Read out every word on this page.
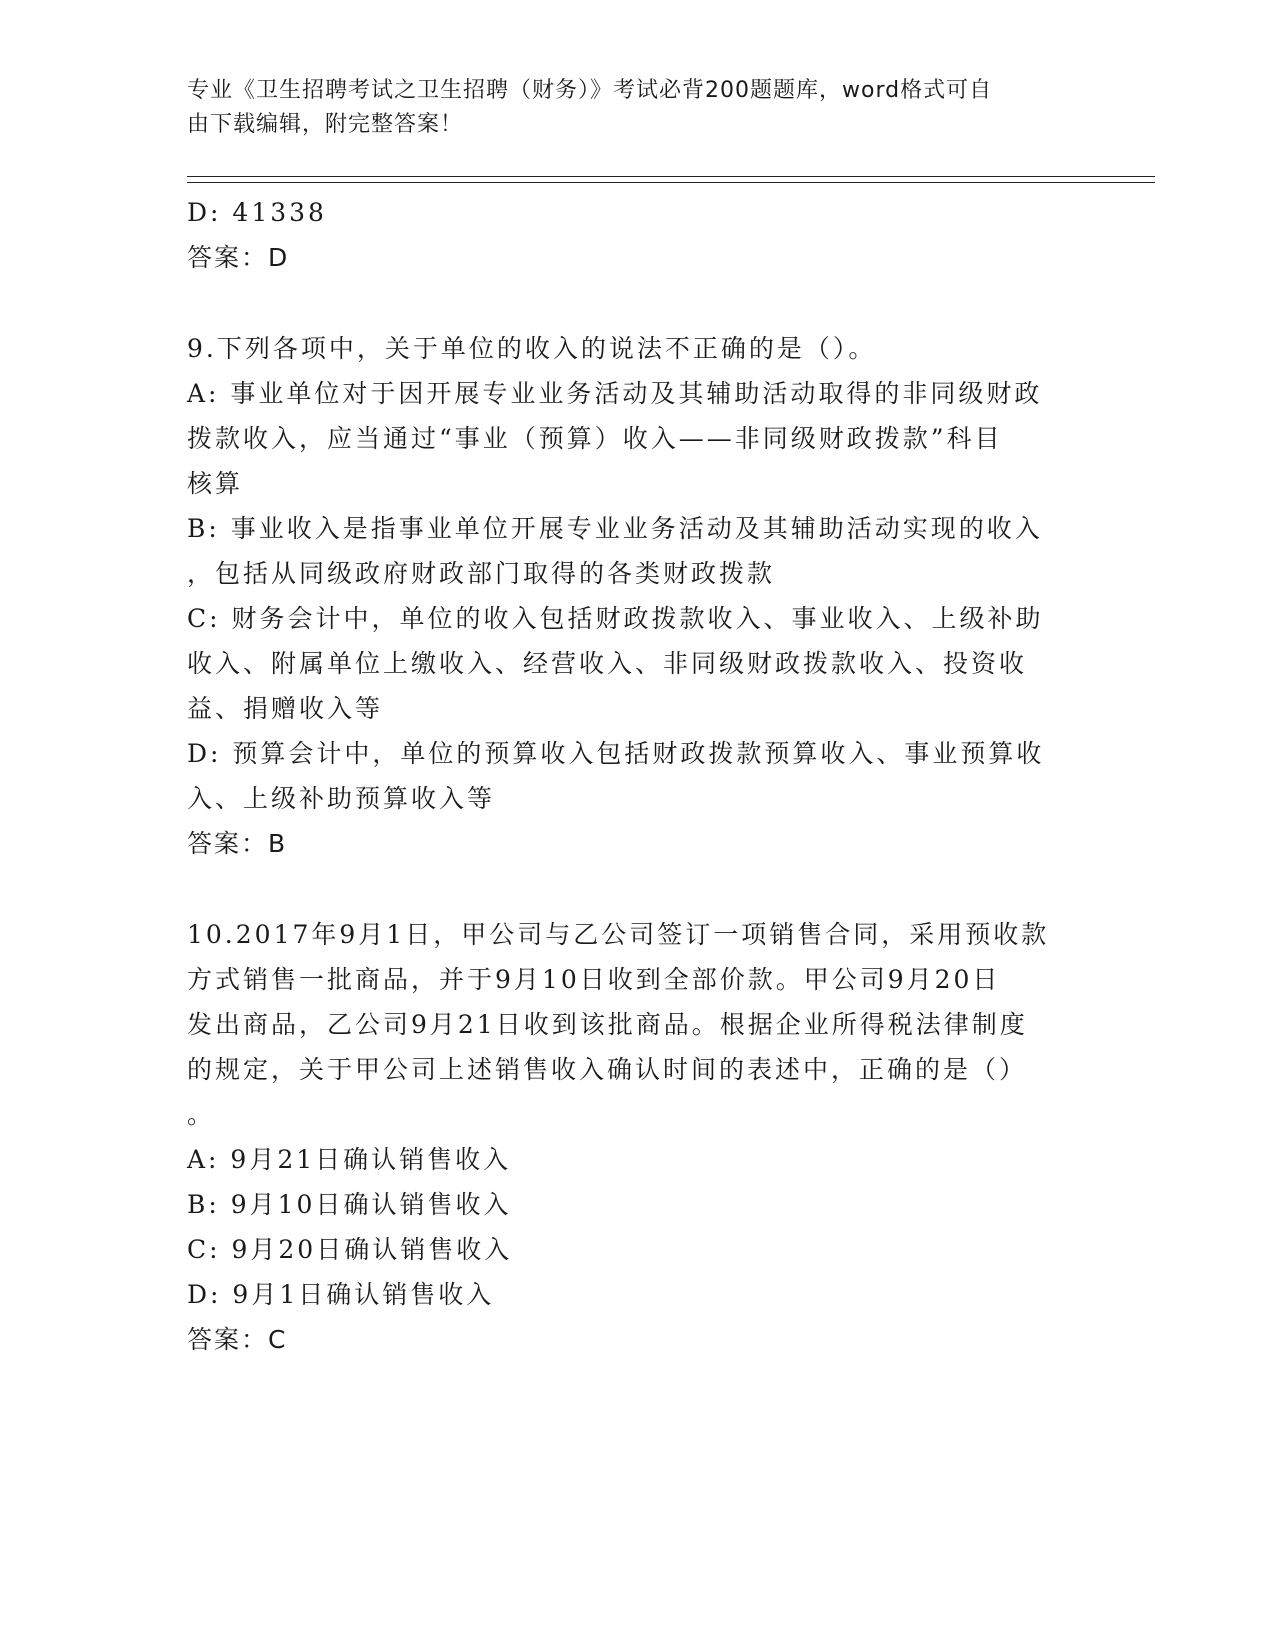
专业《卫生招聘考试之卫生招聘（财务）》考试必背200题题库，word格式可自
由下载编辑，附完整答案！
D: 41338
答案：D
9.下列各项中，关于单位的收入的说法不正确的是（）。
A: 事业单位对于因开展专业业务活动及其辅助活动取得的非同级财政
拨款收入，应当通过“事业（预算）收入——非同级财政拨款”科目
核算
B: 事业收入是指事业单位开展专业业务活动及其辅助活动实现的收入
，包括从同级政府财政部门取得的各类财政拨款
C: 财务会计中，单位的收入包括财政拨款收入、事业收入、上级补助
收入、附属单位上缴收入、经营收入、非同级财政拨款收入、投资收
益、捐赠收入等
D: 预算会计中，单位的预算收入包括财政拨款预算收入、事业预算收
入、上级补助预算收入等
答案：B
10.2017年9月1日，甲公司与乙公司签订一项销售合同，采用预收款
方式销售一批商品，并于9月10日收到全部价款。甲公司9月20日
发出商品，乙公司9月21日收到该批商品。根据企业所得税法律制度
的规定，关于甲公司上述销售收入确认时间的表述中，正确的是（）
。
A: 9月21日确认销售收入
B: 9月10日确认销售收入
C: 9月20日确认销售收入
D: 9月1日确认销售收入
答案：C
